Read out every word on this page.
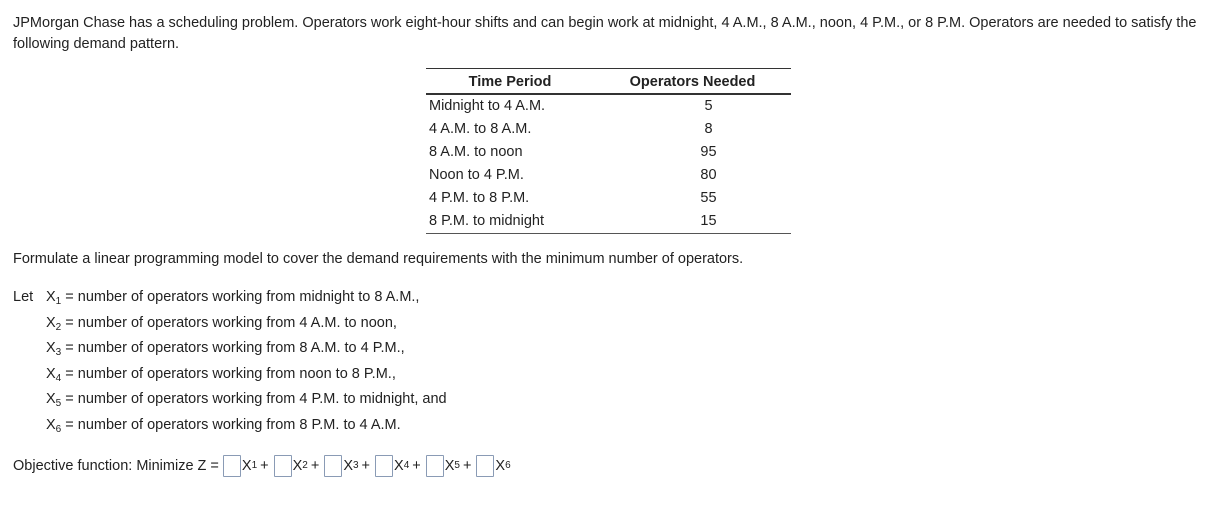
JPMorgan Chase has a scheduling problem. Operators work eight-hour shifts and can begin work at midnight, 4 A.M., 8 A.M., noon, 4 P.M., or 8 P.M. Operators are needed to satisfy the following demand pattern.
Time Period	Operators Needed
Midnight to 4 A.M.	5
4 A.M. to 8 A.M.	8
8 A.M. to noon	95
Noon to 4 P.M.	80
4 P.M. to 8 P.M.	55
8 P.M. to midnight	15
Formulate a linear programming model to cover the demand requirements with the minimum number of operators.
Let $X_1$ = number of operators working from midnight to 8 A.M.,
$X_2$ = number of operators working from 4 A.M. to noon,
$X_3$ = number of operators working from 8 A.M. to 4 P.M.,
$X_4$ = number of operators working from noon to 8 P.M.,
$X_5$ = number of operators working from 4 P.M. to midnight, and
$X_6$ = number of operators working from 8 P.M. to 4 A.M.
Objective function: Minimize Z = X 1 + X 2 + X 3 + X 4 + X 5 + X 6
